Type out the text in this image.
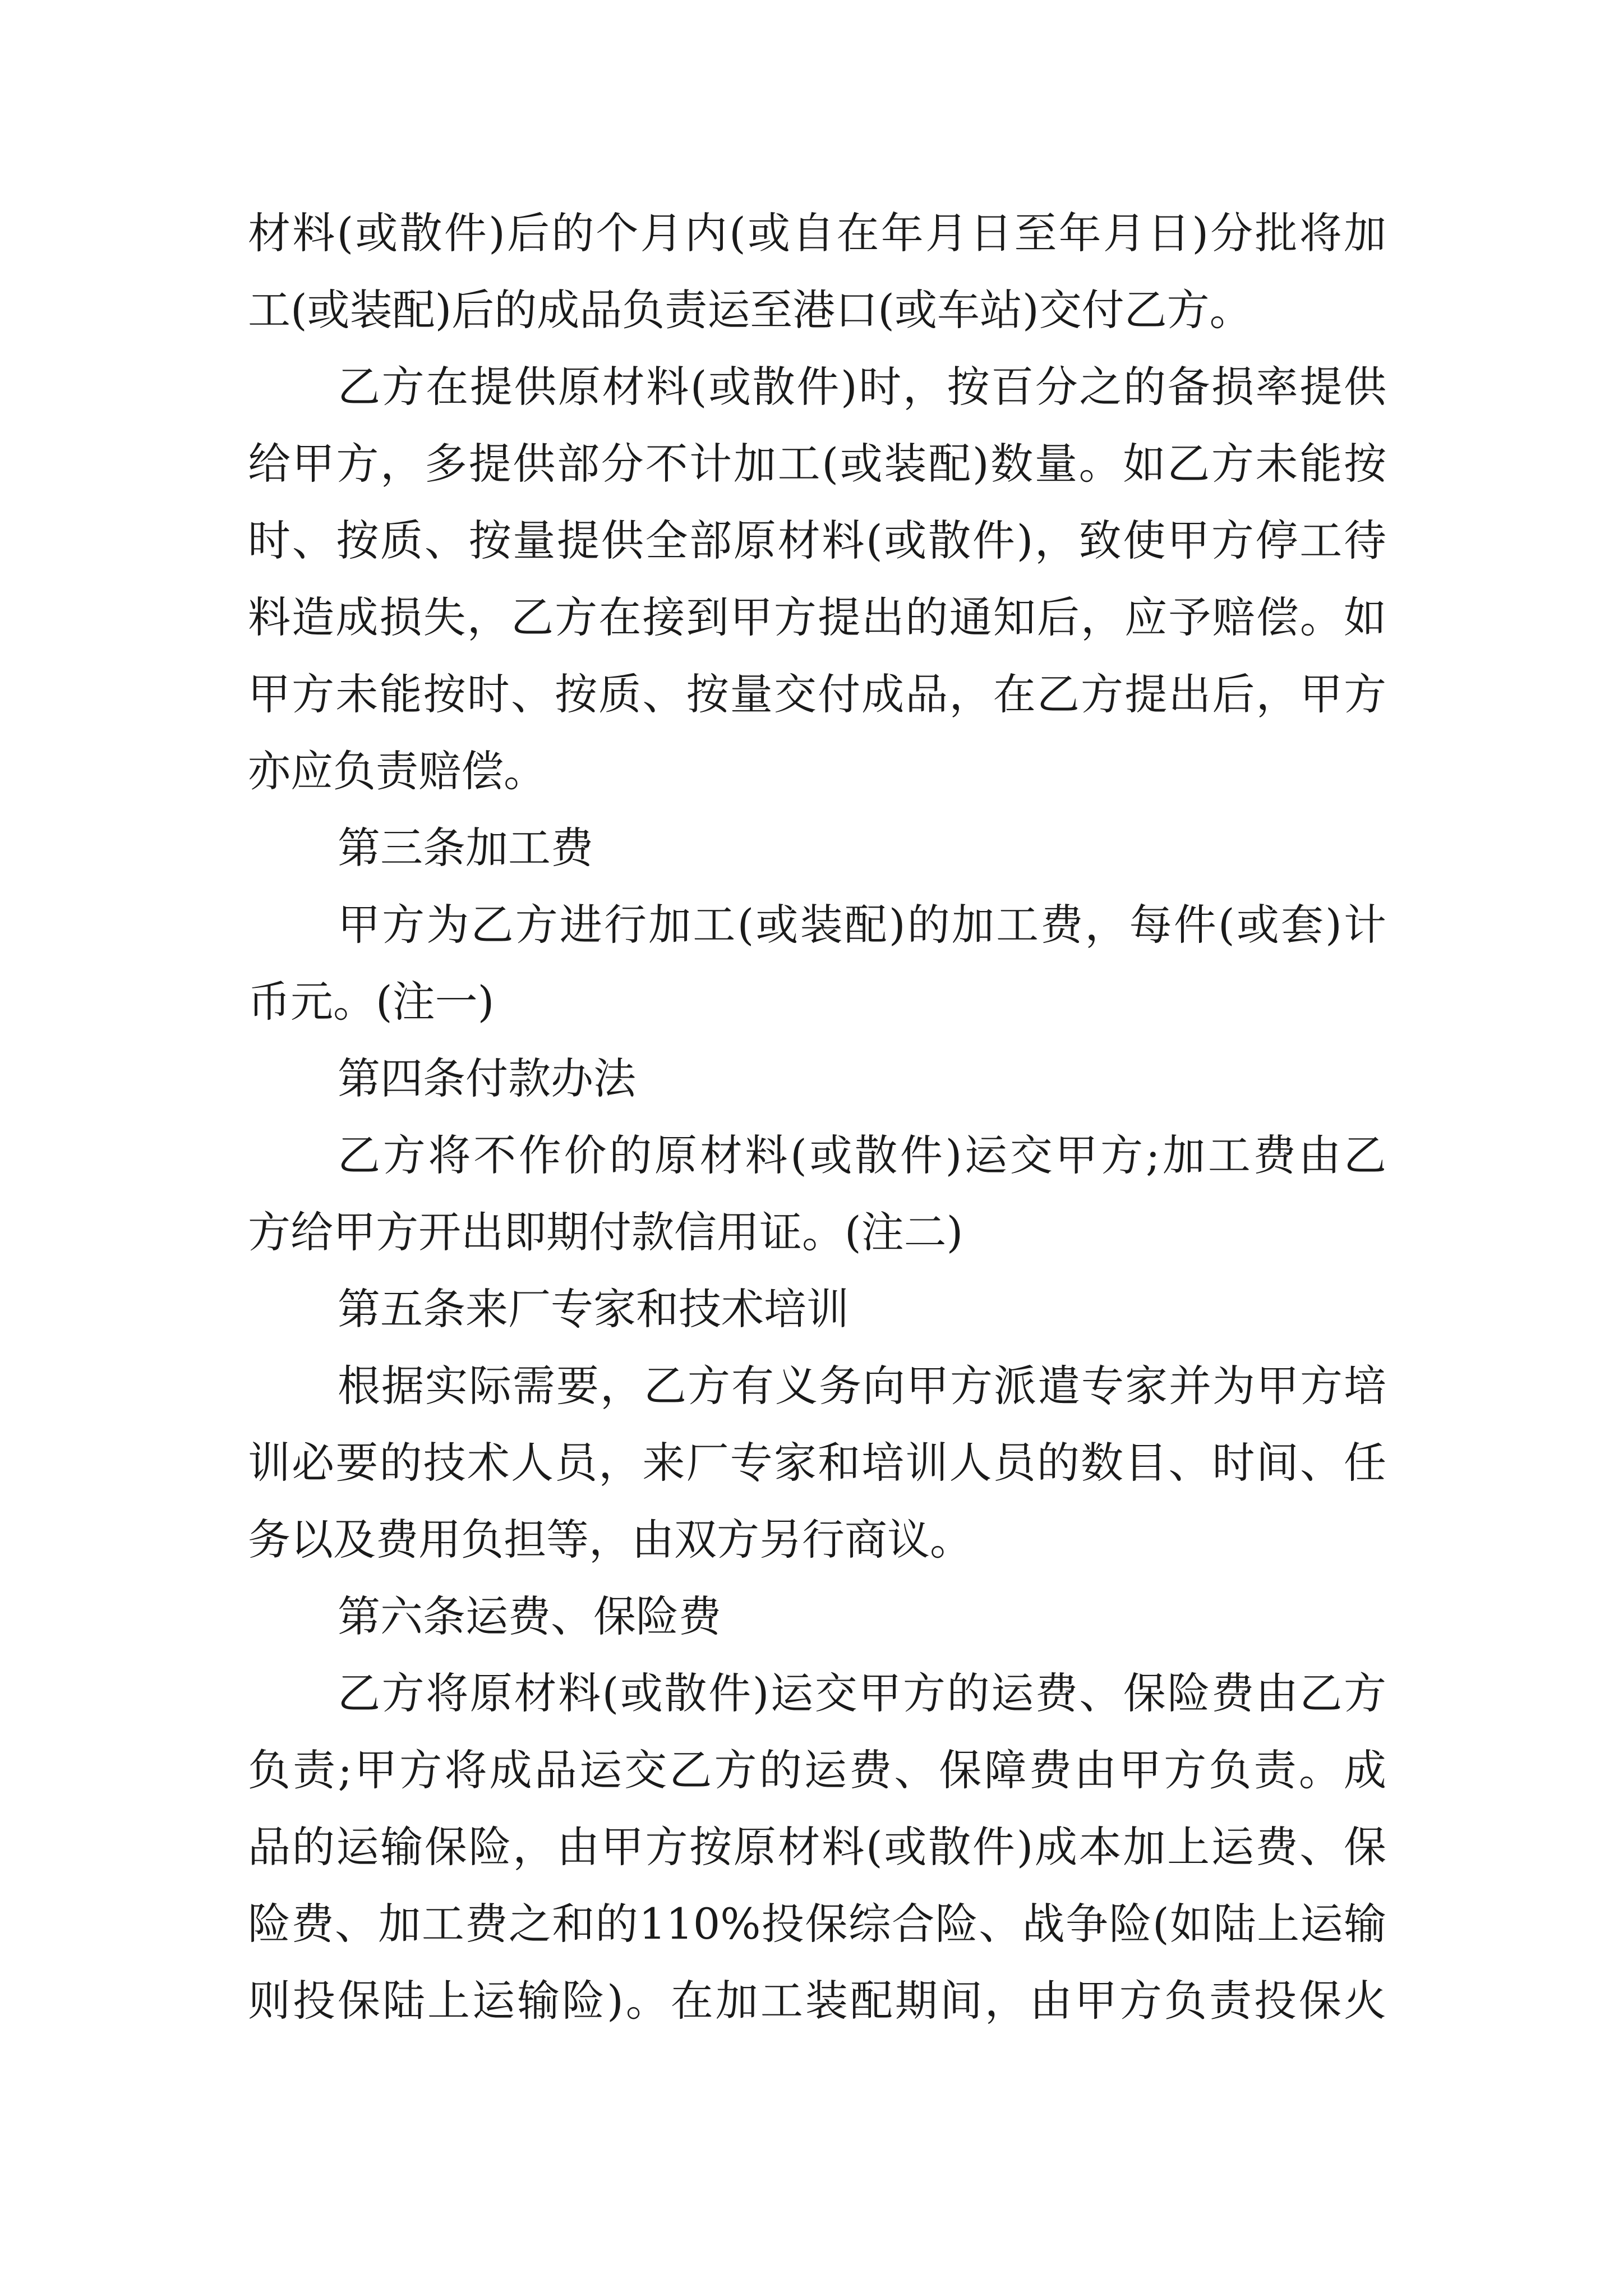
材料(或散件)后的个月内(或自在年月日至年月日)分批将加
工(或装配)后的成品负责运至港口(或车站)交付乙方。
乙方在提供原材料(或散件)时，按百分之的备损率提供
给甲方，多提供部分不计加工(或装配)数量。如乙方未能按
时、按质、按量提供全部原材料(或散件)，致使甲方停工待
料造成损失，乙方在接到甲方提出的通知后，应予赔偿。如
甲方未能按时、按质、按量交付成品，在乙方提出后，甲方
亦应负责赔偿。
第三条加工费
甲方为乙方进行加工(或装配)的加工费，每件(或套)计
币元。(注一)
第四条付款办法
乙方将不作价的原材料(或散件)运交甲方;加工费由乙
方给甲方开出即期付款信用证。(注二)
第五条来厂专家和技术培训
根据实际需要，乙方有义务向甲方派遣专家并为甲方培
训必要的技术人员，来厂专家和培训人员的数目、时间、任
务以及费用负担等，由双方另行商议。
第六条运费、保险费
乙方将原材料(或散件)运交甲方的运费、保险费由乙方
负责;甲方将成品运交乙方的运费、保障费由甲方负责。成
品的运输保险，由甲方按原材料(或散件)成本加上运费、保
险费、加工费之和的110%投保综合险、战争险(如陆上运输
则投保陆上运输险)。在加工装配期间，由甲方负责投保火
